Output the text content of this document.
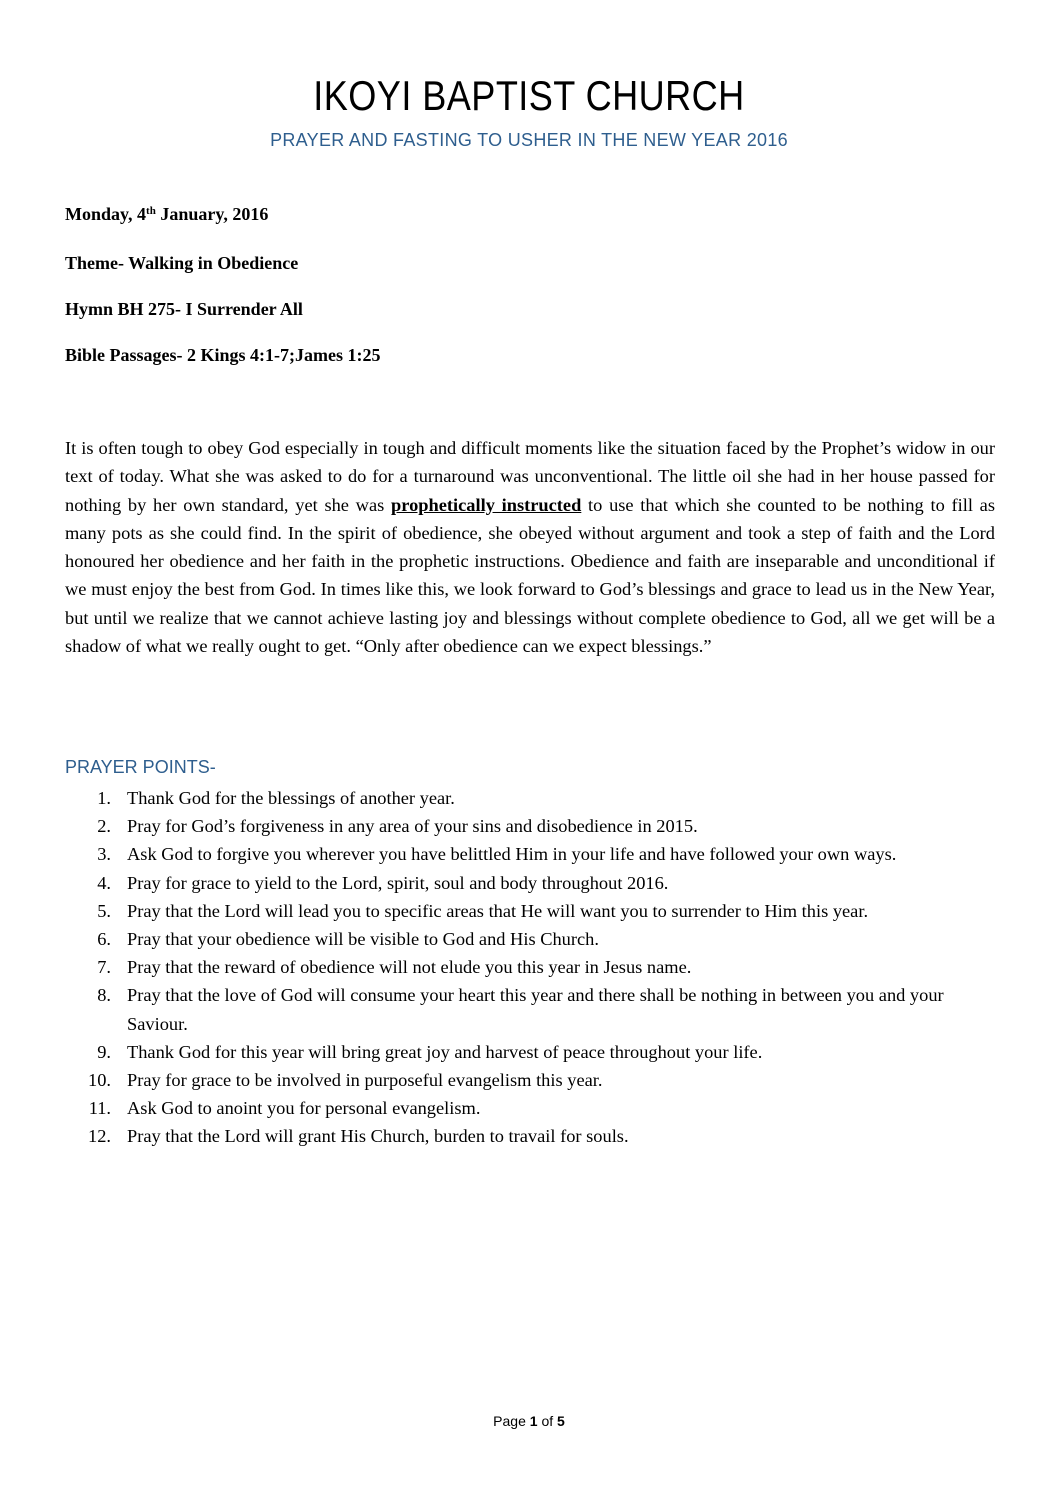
IKOYI BAPTIST CHURCH
PRAYER AND FASTING TO USHER IN THE NEW YEAR 2016
Monday, 4th January, 2016
Theme- Walking in Obedience
Hymn BH 275- I Surrender All
Bible Passages- 2 Kings 4:1-7;James 1:25
It is often tough to obey God especially in tough and difficult moments like the situation faced by the Prophet’s widow in our text of today. What she was asked to do for a turnaround was unconventional. The little oil she had in her house passed for nothing by her own standard, yet she was prophetically instructed to use that which she counted to be nothing to fill as many pots as she could find. In the spirit of obedience, she obeyed without argument and took a step of faith and the Lord honoured her obedience and her faith in the prophetic instructions. Obedience and faith are inseparable and unconditional if we must enjoy the best from God. In times like this, we look forward to God’s blessings and grace to lead us in the New Year, but until we realize that we cannot achieve lasting joy and blessings without complete obedience to God, all we get will be a shadow of what we really ought to get. “Only after obedience can we expect blessings.”
PRAYER POINTS-
1. Thank God for the blessings of another year.
2. Pray for God’s forgiveness in any area of your sins and disobedience in 2015.
3. Ask God to forgive you wherever you have belittled Him in your life and have followed your own ways.
4. Pray for grace to yield to the Lord, spirit, soul and body throughout 2016.
5. Pray that the Lord will lead you to specific areas that He will want you to surrender to Him this year.
6. Pray that your obedience will be visible to God and His Church.
7. Pray that the reward of obedience will not elude you this year in Jesus name.
8. Pray that the love of God will consume your heart this year and there shall be nothing in between you and your Saviour.
9. Thank God for this year will bring great joy and harvest of peace throughout your life.
10. Pray for grace to be involved in purposeful evangelism this year.
11. Ask God to anoint you for personal evangelism.
12. Pray that the Lord will grant His Church, burden to travail for souls.
Page 1 of 5
